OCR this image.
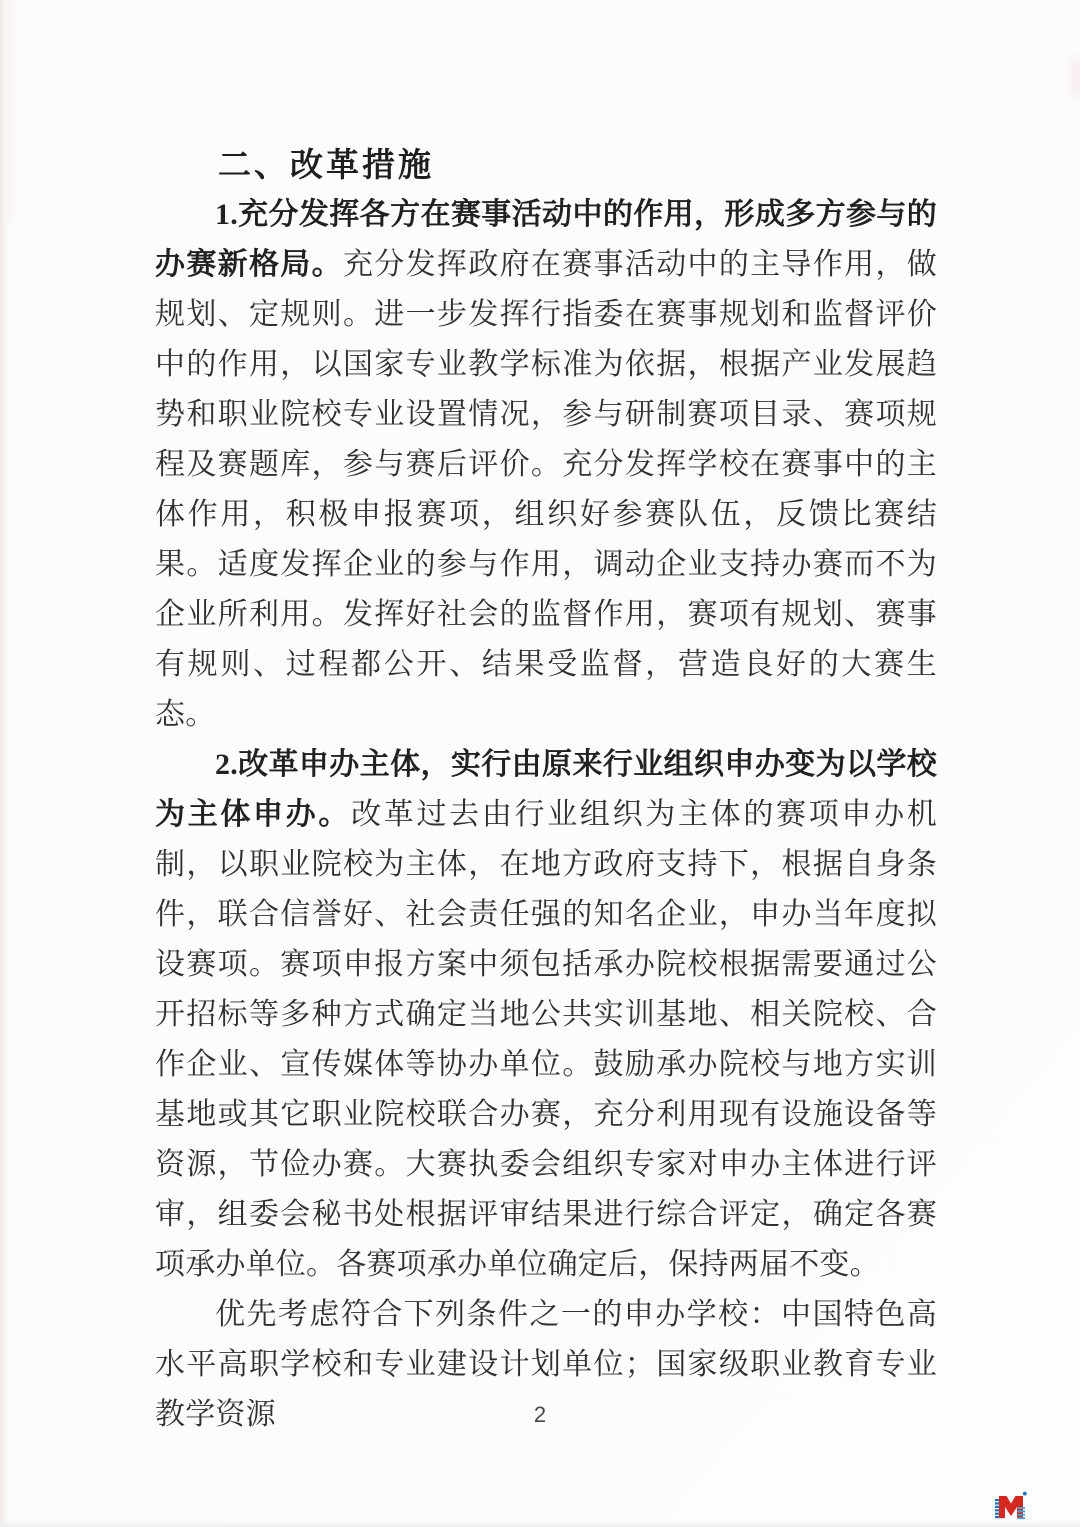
二、改革措施

1.充分发挥各方在赛事活动中的作用，形成多方参与的办赛新格局。充分发挥政府在赛事活动中的主导作用，做规划、定规则。进一步发挥行指委在赛事规划和监督评价中的作用，以国家专业教学标准为依据，根据产业发展趋势和职业院校专业设置情况，参与研制赛项目录、赛项规程及赛题库，参与赛后评价。充分发挥学校在赛事中的主体作用，积极申报赛项，组织好参赛队伍，反馈比赛结果。适度发挥企业的参与作用，调动企业支持办赛而不为企业所利用。发挥好社会的监督作用，赛项有规划、赛事有规则、过程都公开、结果受监督，营造良好的大赛生态。

2.改革申办主体，实行由原来行业组织申办变为以学校为主体申办。改革过去由行业组织为主体的赛项申办机制，以职业院校为主体，在地方政府支持下，根据自身条件，联合信誉好、社会责任强的知名企业，申办当年度拟设赛项。赛项申报方案中须包括承办院校根据需要通过公开招标等多种方式确定当地公共实训基地、相关院校、合作企业、宣传媒体等协办单位。鼓励承办院校与地方实训基地或其它职业院校联合办赛，充分利用现有设施设备等资源，节俭办赛。大赛执委会组织专家对申办主体进行评审，组委会秘书处根据评审结果进行综合评定，确定各赛项承办单位。各赛项承办单位确定后，保持两届不变。

优先考虑符合下列条件之一的申办学校：中国特色高水平高职学校和专业建设计划单位；国家级职业教育专业教学资源	2
